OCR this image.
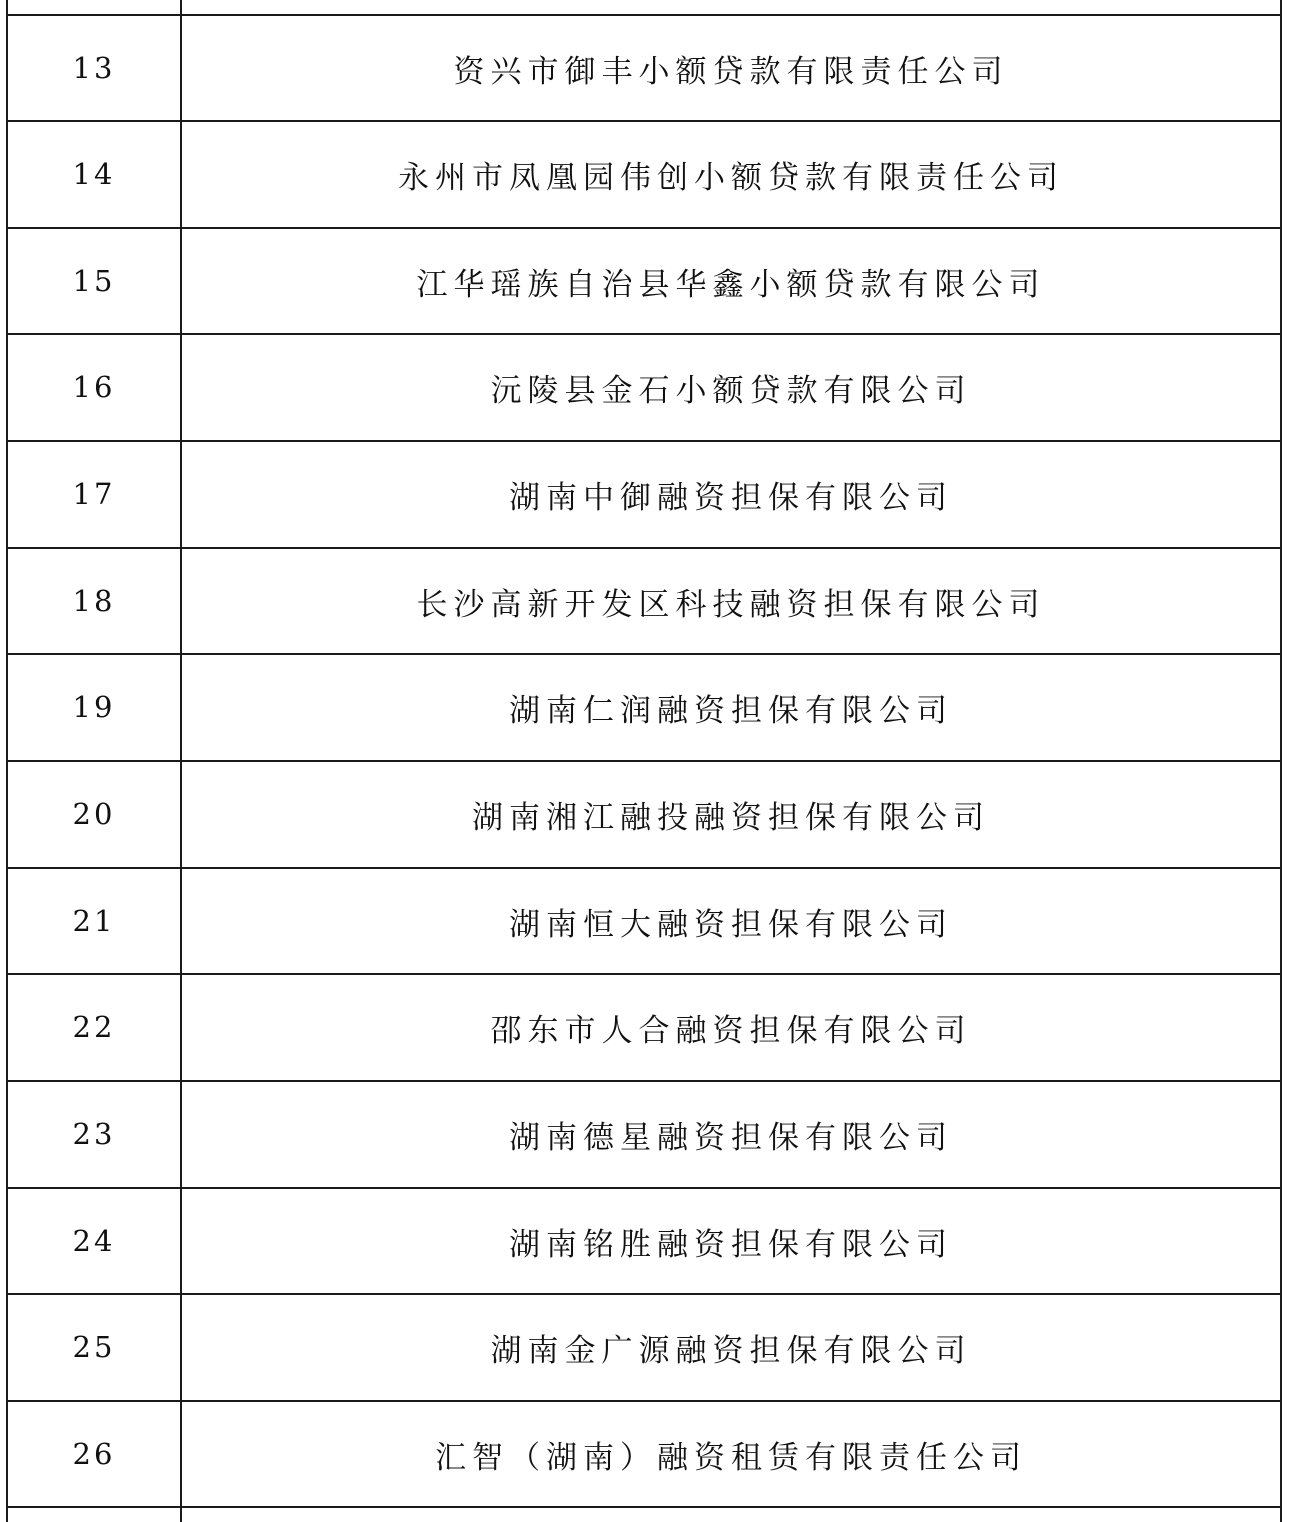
13	资兴市御丰小额贷款有限责任公司
14	永州市凤凰园伟创小额贷款有限责任公司
15	江华瑶族自治县华鑫小额贷款有限公司
16	沅陵县金石小额贷款有限公司
17	湖南中御融资担保有限公司
18	长沙高新开发区科技融资担保有限公司
19	湖南仁润融资担保有限公司
20	湖南湘江融投融资担保有限公司
21	湖南恒大融资担保有限公司
22	邵东市人合融资担保有限公司
23	湖南德星融资担保有限公司
24	湖南铭胜融资担保有限公司
25	湖南金广源融资担保有限公司
26	汇智（湖南）融资租赁有限责任公司
